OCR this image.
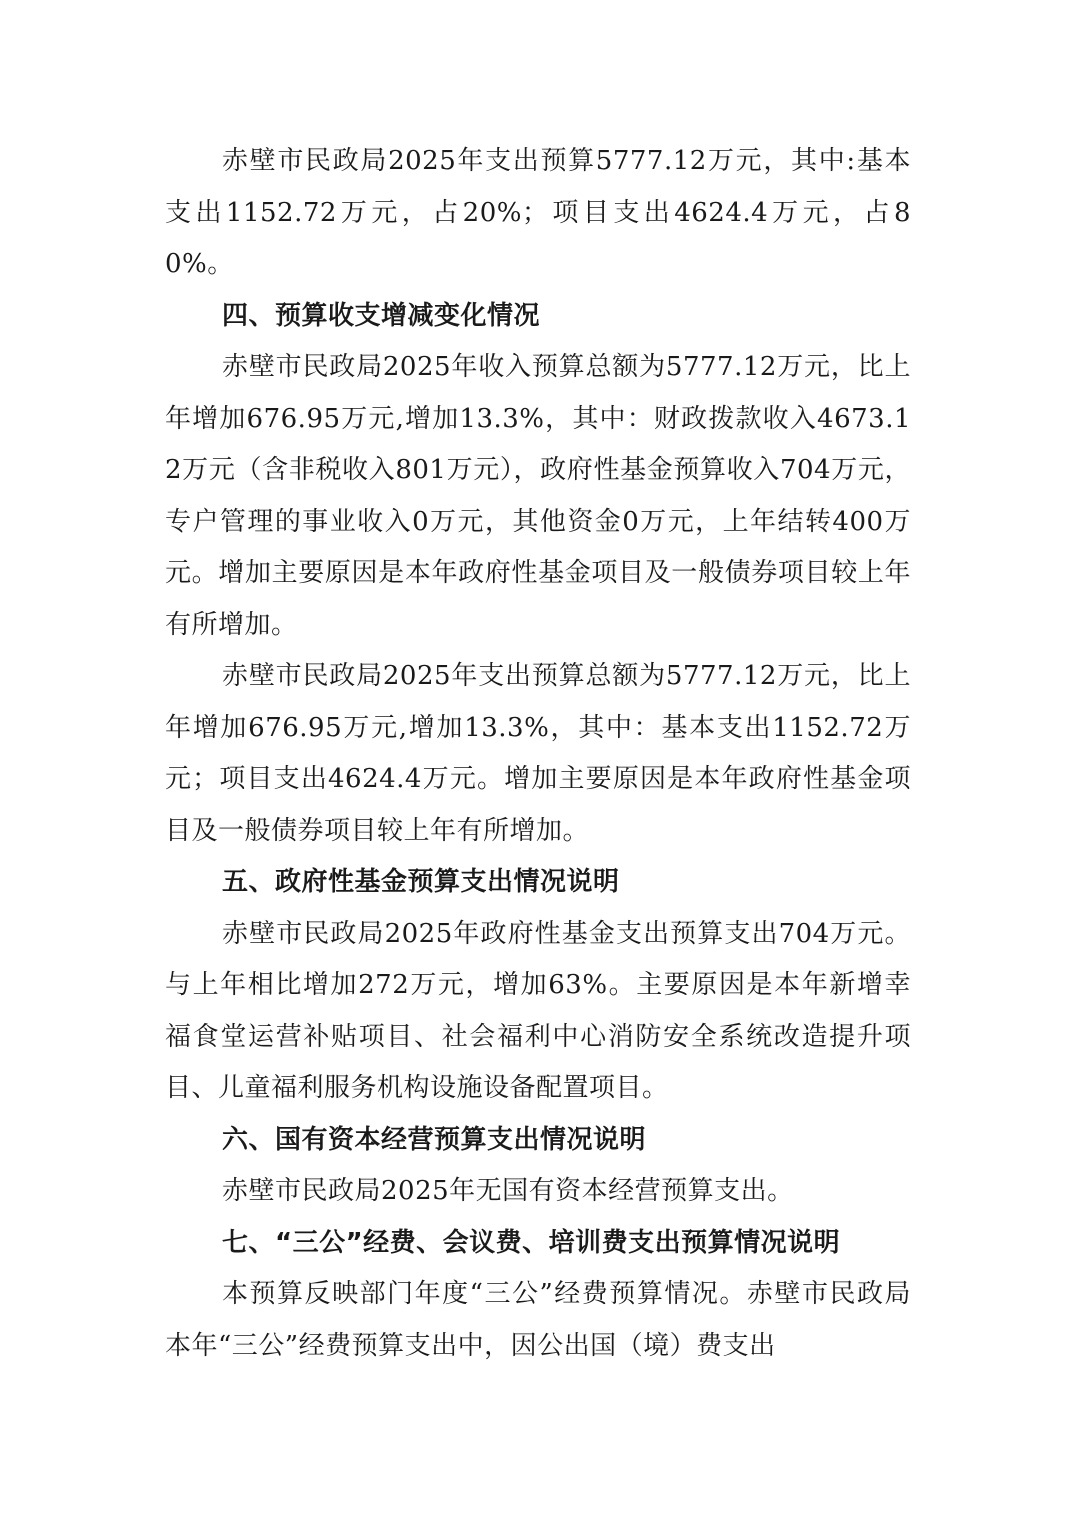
赤壁市民政局2025年支出预算5777.12万元，其中:基本支出1152.72万元，占20%；项目支出4624.4万元，占80%。

四、预算收支增减变化情况

赤壁市民政局2025年收入预算总额为5777.12万元，比上年增加676.95万元,增加13.3%，其中：财政拨款收入4673.12万元（含非税收入801万元），政府性基金预算收入704万元，专户管理的事业收入0万元，其他资金0万元，上年结转400万元。增加主要原因是本年政府性基金项目及一般债券项目较上年有所增加。

赤壁市民政局2025年支出预算总额为5777.12万元，比上年增加676.95万元,增加13.3%，其中：基本支出1152.72万元；项目支出4624.4万元。增加主要原因是本年政府性基金项目及一般债券项目较上年有所增加。

五、政府性基金预算支出情况说明

赤壁市民政局2025年政府性基金支出预算支出704万元。与上年相比增加272万元，增加63%。主要原因是本年新增幸福食堂运营补贴项目、社会福利中心消防安全系统改造提升项目、儿童福利服务机构设施设备配置项目。

六、国有资本经营预算支出情况说明

赤壁市民政局2025年无国有资本经营预算支出。

七、“三公”经费、会议费、培训费支出预算情况说明

本预算反映部门年度“三公”经费预算情况。赤壁市民政局本年“三公”经费预算支出中，因公出国（境）费支出
